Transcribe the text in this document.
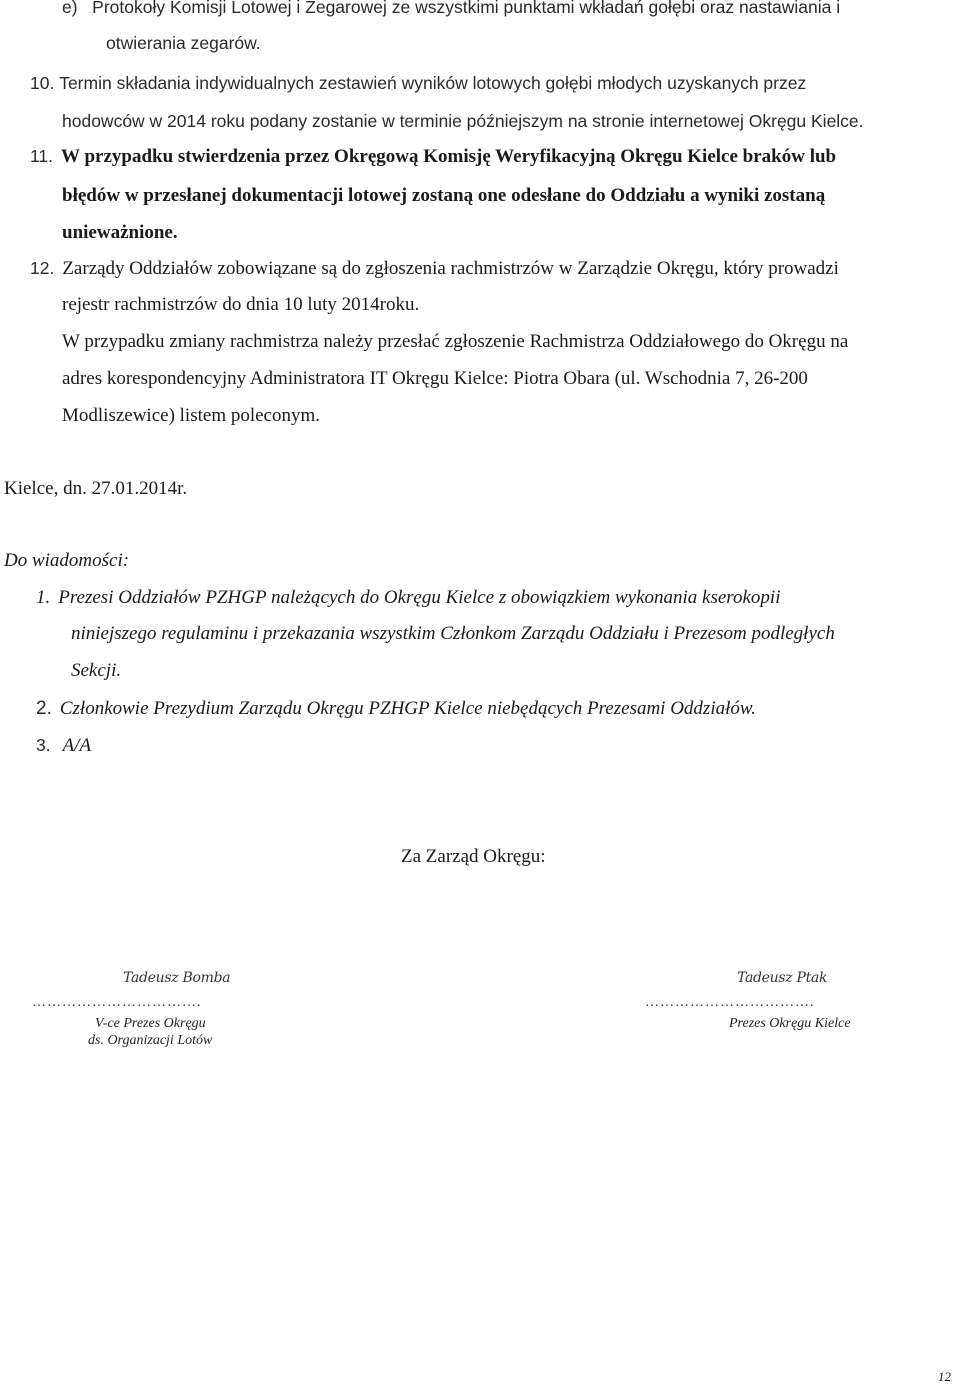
e) Protokoły Komisji Lotowej i Zegarowej ze wszystkimi punktami wkładań gołębi oraz nastawiania i
otwierania zegarów.
10. Termin składania indywidualnych zestawień wyników lotowych gołębi młodych uzyskanych przez
hodowców w 2014 roku podany zostanie w terminie późniejszym na stronie internetowej Okręgu Kielce.
11. W przypadku stwierdzenia przez Okręgową Komisję Weryfikacyjną Okręgu Kielce braków lub
błędów w przesłanej dokumentacji lotowej zostaną one odesłane do Oddziału a wyniki zostaną
unieważnione.
12. Zarządy Oddziałów zobowiązane są do zgłoszenia rachmistrzów w Zarządzie Okręgu, który prowadzi
rejestr rachmistrzów do dnia 10 luty 2014roku.
W przypadku zmiany rachmistrza należy przesłać zgłoszenie Rachmistrza Oddziałowego do Okręgu na
adres korespondencyjny Administratora IT Okręgu Kielce: Piotra Obara (ul. Wschodnia 7, 26-200
Modliszewice) listem poleconym.
Kielce, dn. 27.01.2014r.
Do wiadomości:
1. Prezesi Oddziałów PZHGP należących do Okręgu Kielce z obowiązkiem wykonania kserokopii
niniejszego regulaminu i przekazania wszystkim Członkom Zarządu Oddziału i Prezesom podległych
Sekcji.
2. Członkowie Prezydium Zarządu Okręgu PZHGP Kielce niebędących Prezesami Oddziałów.
3. A/A
Za Zarząd Okręgu:
Tadeusz Bomba
…………………………….
V-ce Prezes Okręgu
ds. Organizacji Lotów
Tadeusz Ptak
…………………………….
Prezes Okręgu Kielce
12
